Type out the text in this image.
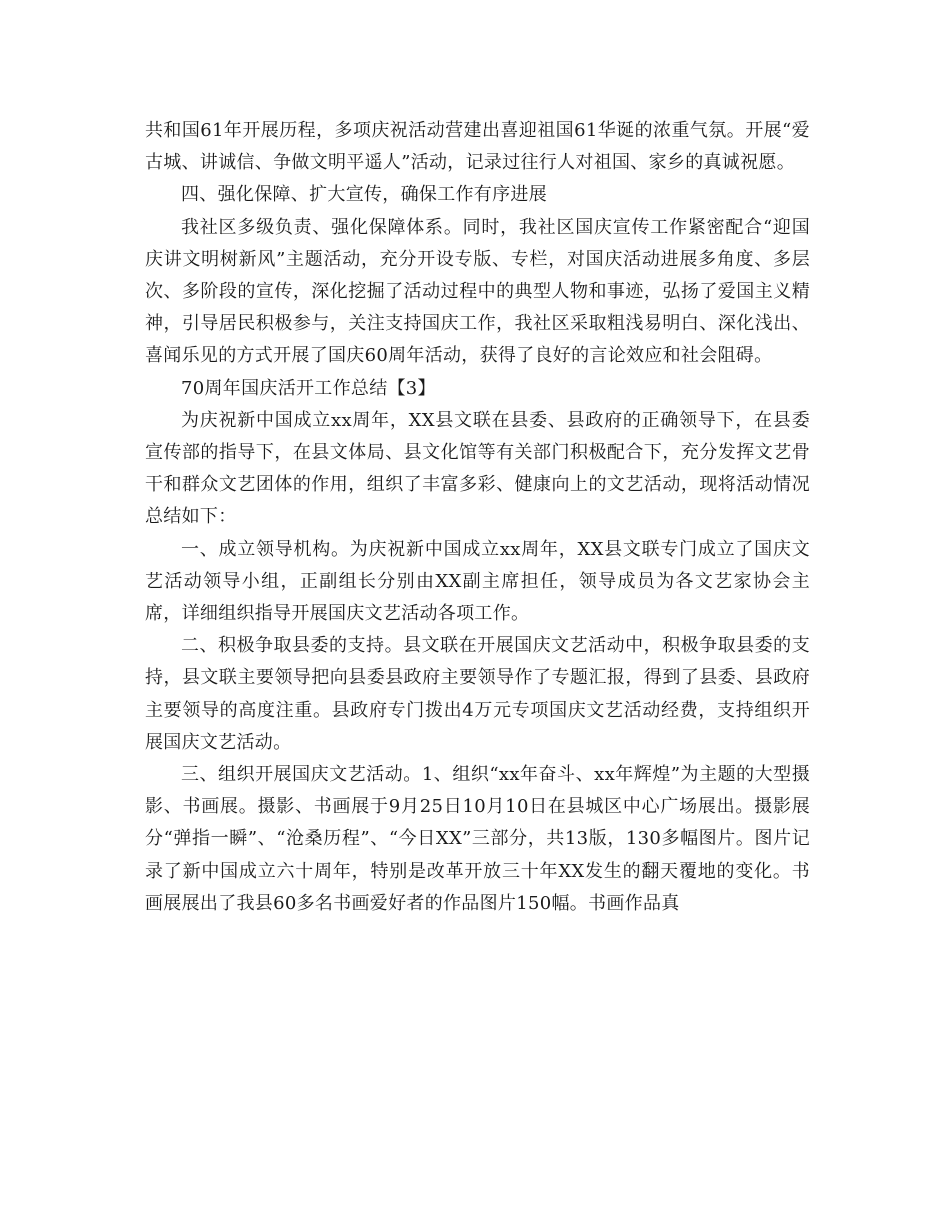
共和国61年开展历程，多项庆祝活动营建出喜迎祖国61华诞的浓重气氛。开展“爱古城、讲诚信、争做文明平遥人”活动，记录过往行人对祖国、家乡的真诚祝愿。

四、强化保障、扩大宣传，确保工作有序进展

我社区多级负责、强化保障体系。同时，我社区国庆宣传工作紧密配合“迎国庆讲文明树新风”主题活动，充分开设专版、专栏，对国庆活动进展多角度、多层次、多阶段的宣传，深化挖掘了活动过程中的典型人物和事迹，弘扬了爱国主义精神，引导居民积极参与，关注支持国庆工作，我社区采取粗浅易明白、深化浅出、喜闻乐见的方式开展了国庆60周年活动，获得了良好的言论效应和社会阻碍。

70周年国庆活开工作总结【3】

为庆祝新中国成立xx周年，XX县文联在县委、县政府的正确领导下，在县委宣传部的指导下，在县文体局、县文化馆等有关部门积极配合下，充分发挥文艺骨干和群众文艺团体的作用，组织了丰富多彩、健康向上的文艺活动，现将活动情况总结如下：

一、成立领导机构。为庆祝新中国成立xx周年，XX县文联专门成立了国庆文艺活动领导小组，正副组长分别由XX副主席担任，领导成员为各文艺家协会主席，详细组织指导开展国庆文艺活动各项工作。

二、积极争取县委的支持。县文联在开展国庆文艺活动中，积极争取县委的支持，县文联主要领导把向县委县政府主要领导作了专题汇报，得到了县委、县政府主要领导的高度注重。县政府专门拨出4万元专项国庆文艺活动经费，支持组织开展国庆文艺活动。

三、组织开展国庆文艺活动。1、组织“xx年奋斗、xx年辉煌”为主题的大型摄影、书画展。摄影、书画展于9月25日10月10日在县城区中心广场展出。摄影展分“弹指一瞬”、“沧桑历程”、“今日XX”三部分，共13版，130多幅图片。图片记录了新中国成立六十周年，特别是改革开放三十年XX发生的翻天覆地的变化。书画展展出了我县60多名书画爱好者的作品图片150幅。书画作品真
